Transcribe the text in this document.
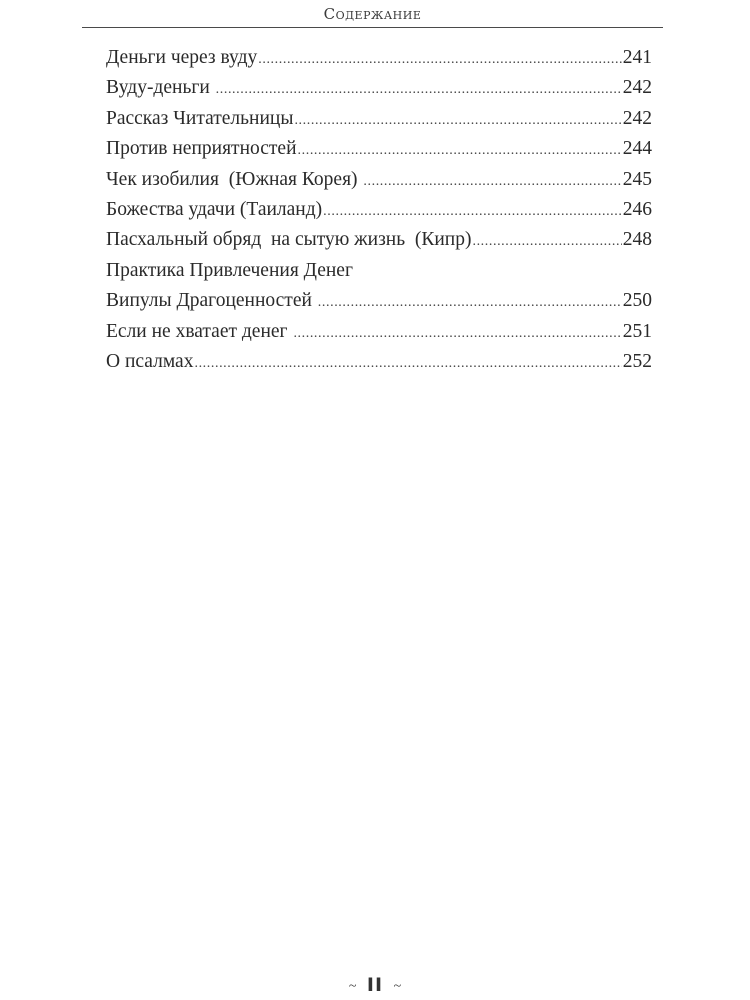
Содержание
Деньги через вуду .....	241
Вуду-деньги .....	242
Рассказ Читательницы .....	242
Против неприятностей .....	244
Чек изобилия  (Южная Корея) .....	245
Божества удачи (Таиланд) .....	246
Пасхальный обряд  на сытую жизнь  (Кипр) .....	248
Практика Привлечения Денег
Випулы Драгоценностей .....	250
Если не хватает денег .....	251
О псалмах .....	252
~ II ~
